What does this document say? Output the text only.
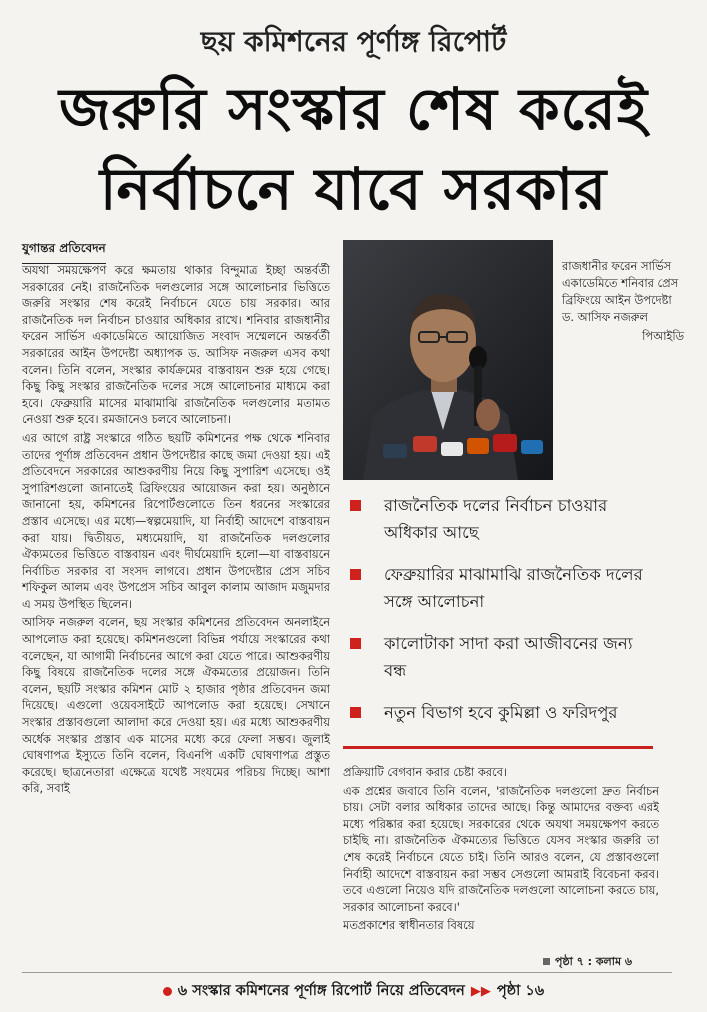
ছয় কমিশনের পূর্ণাঙ্গ রিপোর্ট
জরুরি সংস্কার শেষ করেই
নির্বাচনে যাবে সরকার
যুগান্তর প্রতিবেদন

অযথা সময়ক্ষেপণ করে ক্ষমতায় থাকার বিন্দুমাত্র ইচ্ছা অন্তর্বর্তী সরকারের নেই। রাজনৈতিক দলগুলোর সঙ্গে আলোচনার ভিত্তিতে জরুরি সংস্কার শেষ করেই নির্বাচনে যেতে চায় সরকার। আর রাজনৈতিক দল নির্বাচন চাওয়ার অধিকার রাখে। শনিবার রাজধানীর ফরেন সার্ভিস একাডেমিতে আয়োজিত সংবাদ সম্মেলনে অন্তর্বর্তী সরকারের আইন উপদেষ্টা অধ্যাপক ড. আসিফ নজরুল এসব কথা বলেন। তিনি বলেন, সংস্কার কার্যক্রমের বাস্তবায়ন শুরু হয়ে গেছে। কিছু কিছু সংস্কার রাজনৈতিক দলের সঙ্গে আলোচনার মাধ্যমে করা হবে। ফেব্রুয়ারি মাসের মাঝামাঝি রাজনৈতিক দলগুলোর মতামত নেওয়া শুরু হবে। রমজানেও চলবে আলোচনা।

এর আগে রাষ্ট্র সংস্কারে গঠিত ছয়টি কমিশনের পক্ষ থেকে শনিবার তাদের পূর্ণাঙ্গ প্রতিবেদন প্রধান উপদেষ্টার কাছে জমা দেওয়া হয়। এই প্রতিবেদনে সরকারের আশুকরণীয় নিয়ে কিছু সুপারিশ এসেছে। ওই সুপারিশগুলো জানাতেই ব্রিফিংয়ের আয়োজন করা হয়। অনুষ্ঠানে জানানো হয়, কমিশনের রিপোর্টগুলোতে তিন ধরনের সংস্কারের প্রস্তাব এসেছে। এর মধ্যে—স্বল্পমেয়াদি, যা নির্বাহী আদেশে বাস্তবায়ন করা যায়। দ্বিতীয়ত, মধ্যমেয়াদি, যা রাজনৈতিক দলগুলোর ঐক্যমতের ভিত্তিতে বাস্তবায়ন এবং দীর্ঘমেয়াদি হলো—যা বাস্তবায়নে নির্বাচিত সরকার বা সংসদ লাগবে। প্রধান উপদেষ্টার প্রেস সচিব শফিকুল আলম এবং উপপ্রেস সচিব আবুল কালাম আজাদ মজুমদার এ সময় উপস্থিত ছিলেন।

আসিফ নজরুল বলেন, ছয় সংস্কার কমিশনের প্রতিবেদন অনলাইনে আপলোড করা হয়েছে। কমিশনগুলো বিভিন্ন পর্যায়ে সংস্কারের কথা বলেছেন, যা আগামী নির্বাচনের আগে করা যেতে পারে। আশুকরণীয় কিছু বিষয়ে রাজনৈতিক দলের সঙ্গে ঐকমত্যের প্রয়োজন। তিনি বলেন, ছয়টি সংস্কার কমিশন মোট ২ হাজার পৃষ্ঠার প্রতিবেদন জমা দিয়েছে। এগুলো ওয়েবসাইটে আপলোড করা হয়েছে। সেখানে সংস্কার প্রস্তাবগুলো আলাদা করে দেওয়া হয়। এর মধ্যে আশুকরণীয় অর্ধেক সংস্কার প্রস্তাব এক মাসের মধ্যে করে ফেলা সম্ভব। জুলাই ঘোষণাপত্র ইস্যুতে তিনি বলেন, বিএনপি একটি ঘোষণাপত্র প্রস্তুত করেছে। ছাত্রনেতারা এক্ষেত্রে যথেষ্ট সংযমের পরিচয় দিচ্ছে। আশা করি, সবাই

রাজধানীর ফরেন সার্ভিস একাডেমিতে শনিবার প্রেস ব্রিফিংয়ে আইন উপদেষ্টা ড. আসিফ নজরুল
পিআইডি
রাজনৈতিক দলের নির্বাচন চাওয়ার অধিকার আছে
ফেব্রুয়ারির মাঝামাঝি রাজনৈতিক দলের সঙ্গে আলোচনা
কালোটাকা সাদা করা আজীবনের জন্য বন্ধ
নতুন বিভাগ হবে কুমিল্লা ও ফরিদপুর

প্রক্রিয়াটি বেগবান করার চেষ্টা করবে।

এক প্রশ্নের জবাবে তিনি বলেন, 'রাজনৈতিক দলগুলো দ্রুত নির্বাচন চায়। সেটা বলার অধিকার তাদের আছে। কিন্তু আমাদের বক্তব্য এরই মধ্যে পরিষ্কার করা হয়েছে। সরকারের থেকে অযথা সময়ক্ষেপণ করতে চাইছি না। রাজনৈতিক ঐকমত্যের ভিত্তিতে যেসব সংস্কার জরুরি তা শেষ করেই নির্বাচনে যেতে চাই। তিনি আরও বলেন, যে প্রস্তাবগুলো নির্বাহী আদেশে বাস্তবায়ন করা সম্ভব সেগুলো আমরাই বিবেচনা করব। তবে এগুলো নিয়েও যদি রাজনৈতিক দলগুলো আলোচনা করতে চায়, সরকার আলোচনা করবে।'

মতপ্রকাশের স্বাধীনতার বিষয়ে

পৃষ্ঠা ৭ : কলাম ৬
৬ সংস্কার কমিশনের পূর্ণাঙ্গ রিপোর্ট নিয়ে প্রতিবেদন ▶▶ পৃষ্ঠা ১৬
